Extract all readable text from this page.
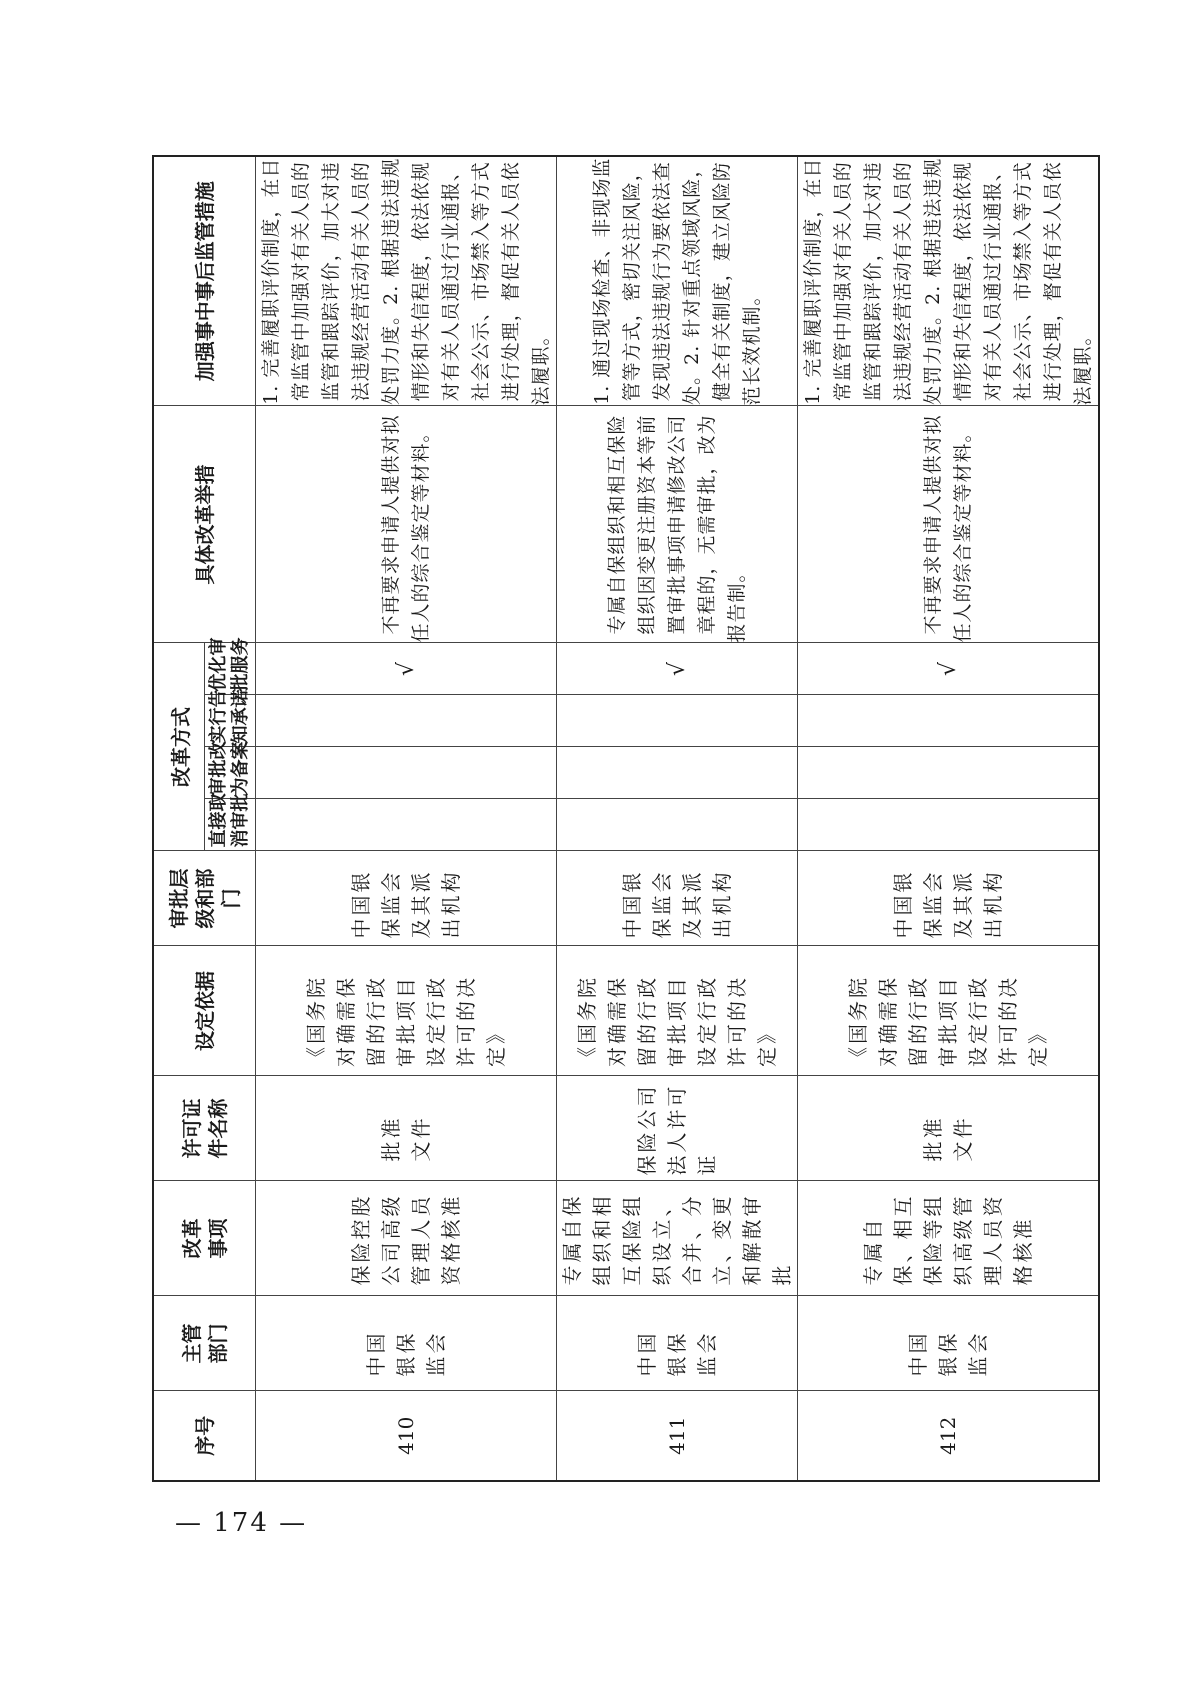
序号	主管部门	改革事项	许可证件名称	设定依据	审批层级和部门	改革方式				具体改革举措	加强事中事后监管措施
						直接取消审批	审批改为备案	实行告知承诺	优化审批服务		
410	中国银保监会	保险控股公司高级管理人员资格核准	批准文件	《国务院对确需保留的行政审批项目设定行政许可的决定》	中国银保监会及其派出机构				√	不再要求申请人提供对拟任人的综合鉴定等材料。	1. 完善履职评价制度，在日常监管中加强对有关人员的监管和跟踪评价，加大对违法违规经营活动有关人员的处罚力度。2. 根据违法违规情形和失信程度，依法依规对有关人员通过行业通报、社会公示、市场禁入等方式进行处理，督促有关人员依法履职。
411	中国银保监会	专属自保组织和相互保险组织设立、合并、分立、变更和解散审批	保险公司法人许可证	《国务院对确需保留的行政审批项目设定行政许可的决定》	中国银保监会及其派出机构				√	专属自保组织和相互保险组织因变更注册资本等前置审批事项申请修改公司章程的，无需审批，改为报告制。	1. 通过现场检查、非现场监管等方式，密切关注风险，发现违法违规行为要依法查处。2. 针对重点领域风险，健全有关制度，建立风险防范长效机制。
412	中国银保监会	专属自保、相互保险等组织高级管理人员资格核准	批准文件	《国务院对确需保留的行政审批项目设定行政许可的决定》	中国银保监会及其派出机构				√	不再要求申请人提供对拟任人的综合鉴定等材料。	1. 完善履职评价制度，在日常监管中加强对有关人员的监管和跟踪评价，加大对违法违规经营活动有关人员的处罚力度。2. 根据违法违规情形和失信程度，依法依规对有关人员通过行业通报、社会公示、市场禁入等方式进行处理，督促有关人员依法履职。
— 174 —
